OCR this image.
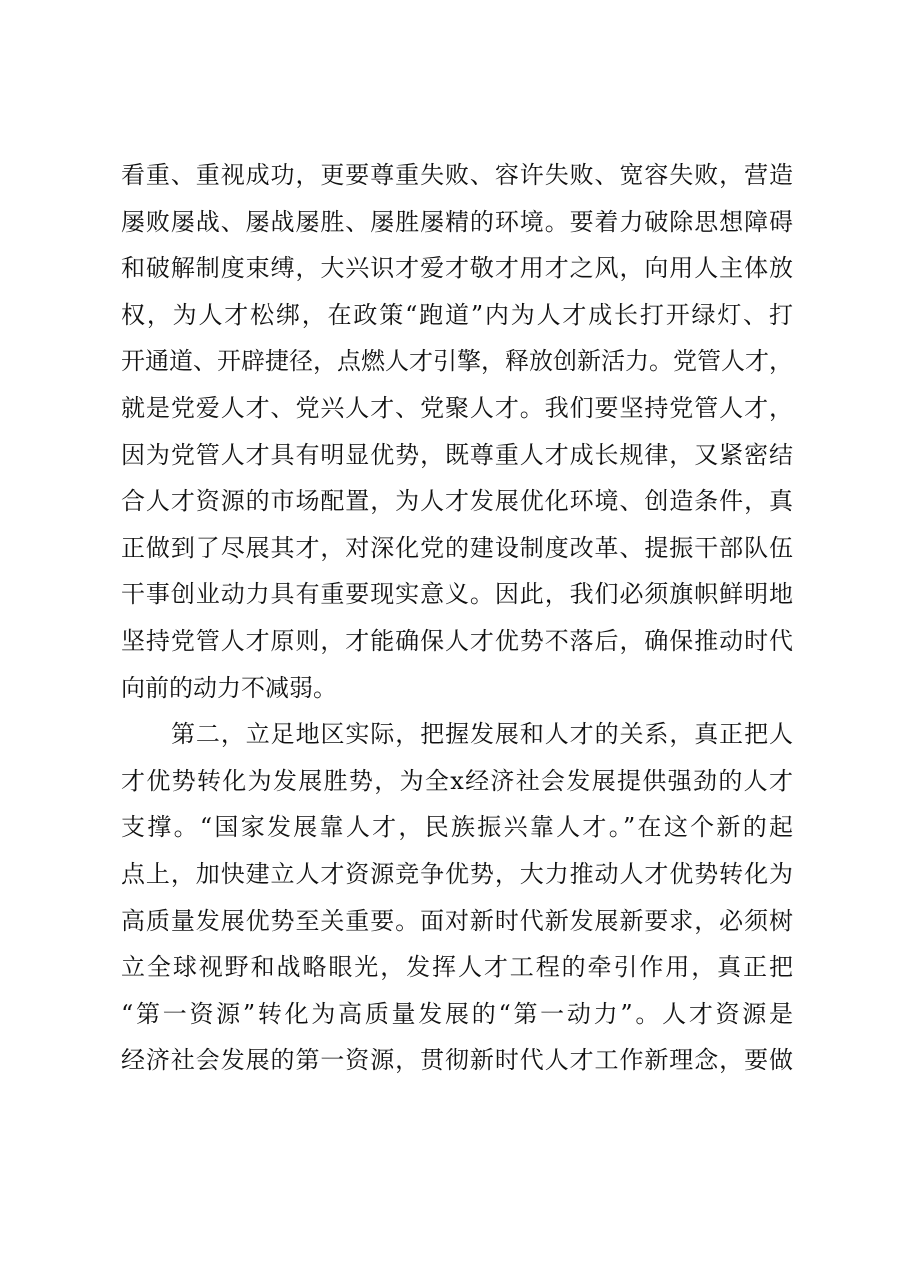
看重、重视成功，更要尊重失败、容许失败、宽容失败，营造
屡败屡战、屡战屡胜、屡胜屡精的环境。要着力破除思想障碍
和破解制度束缚，大兴识才爱才敬才用才之风，向用人主体放
权，为人才松绑，在政策“跑道”内为人才成长打开绿灯、打
开通道、开辟捷径，点燃人才引擎，释放创新活力。党管人才，
就是党爱人才、党兴人才、党聚人才。我们要坚持党管人才，
因为党管人才具有明显优势，既尊重人才成长规律，又紧密结
合人才资源的市场配置，为人才发展优化环境、创造条件，真
正做到了尽展其才，对深化党的建设制度改革、提振干部队伍
干事创业动力具有重要现实意义。因此，我们必须旗帜鲜明地
坚持党管人才原则，才能确保人才优势不落后，确保推动时代
向前的动力不减弱。
第二，立足地区实际，把握发展和人才的关系，真正把人
才优势转化为发展胜势，为全x经济社会发展提供强劲的人才
支撑。“国家发展靠人才，民族振兴靠人才。”在这个新的起
点上，加快建立人才资源竞争优势，大力推动人才优势转化为
高质量发展优势至关重要。面对新时代新发展新要求，必须树
立全球视野和战略眼光，发挥人才工程的牵引作用，真正把
“第一资源”转化为高质量发展的“第一动力”。人才资源是
经济社会发展的第一资源，贯彻新时代人才工作新理念，要做
